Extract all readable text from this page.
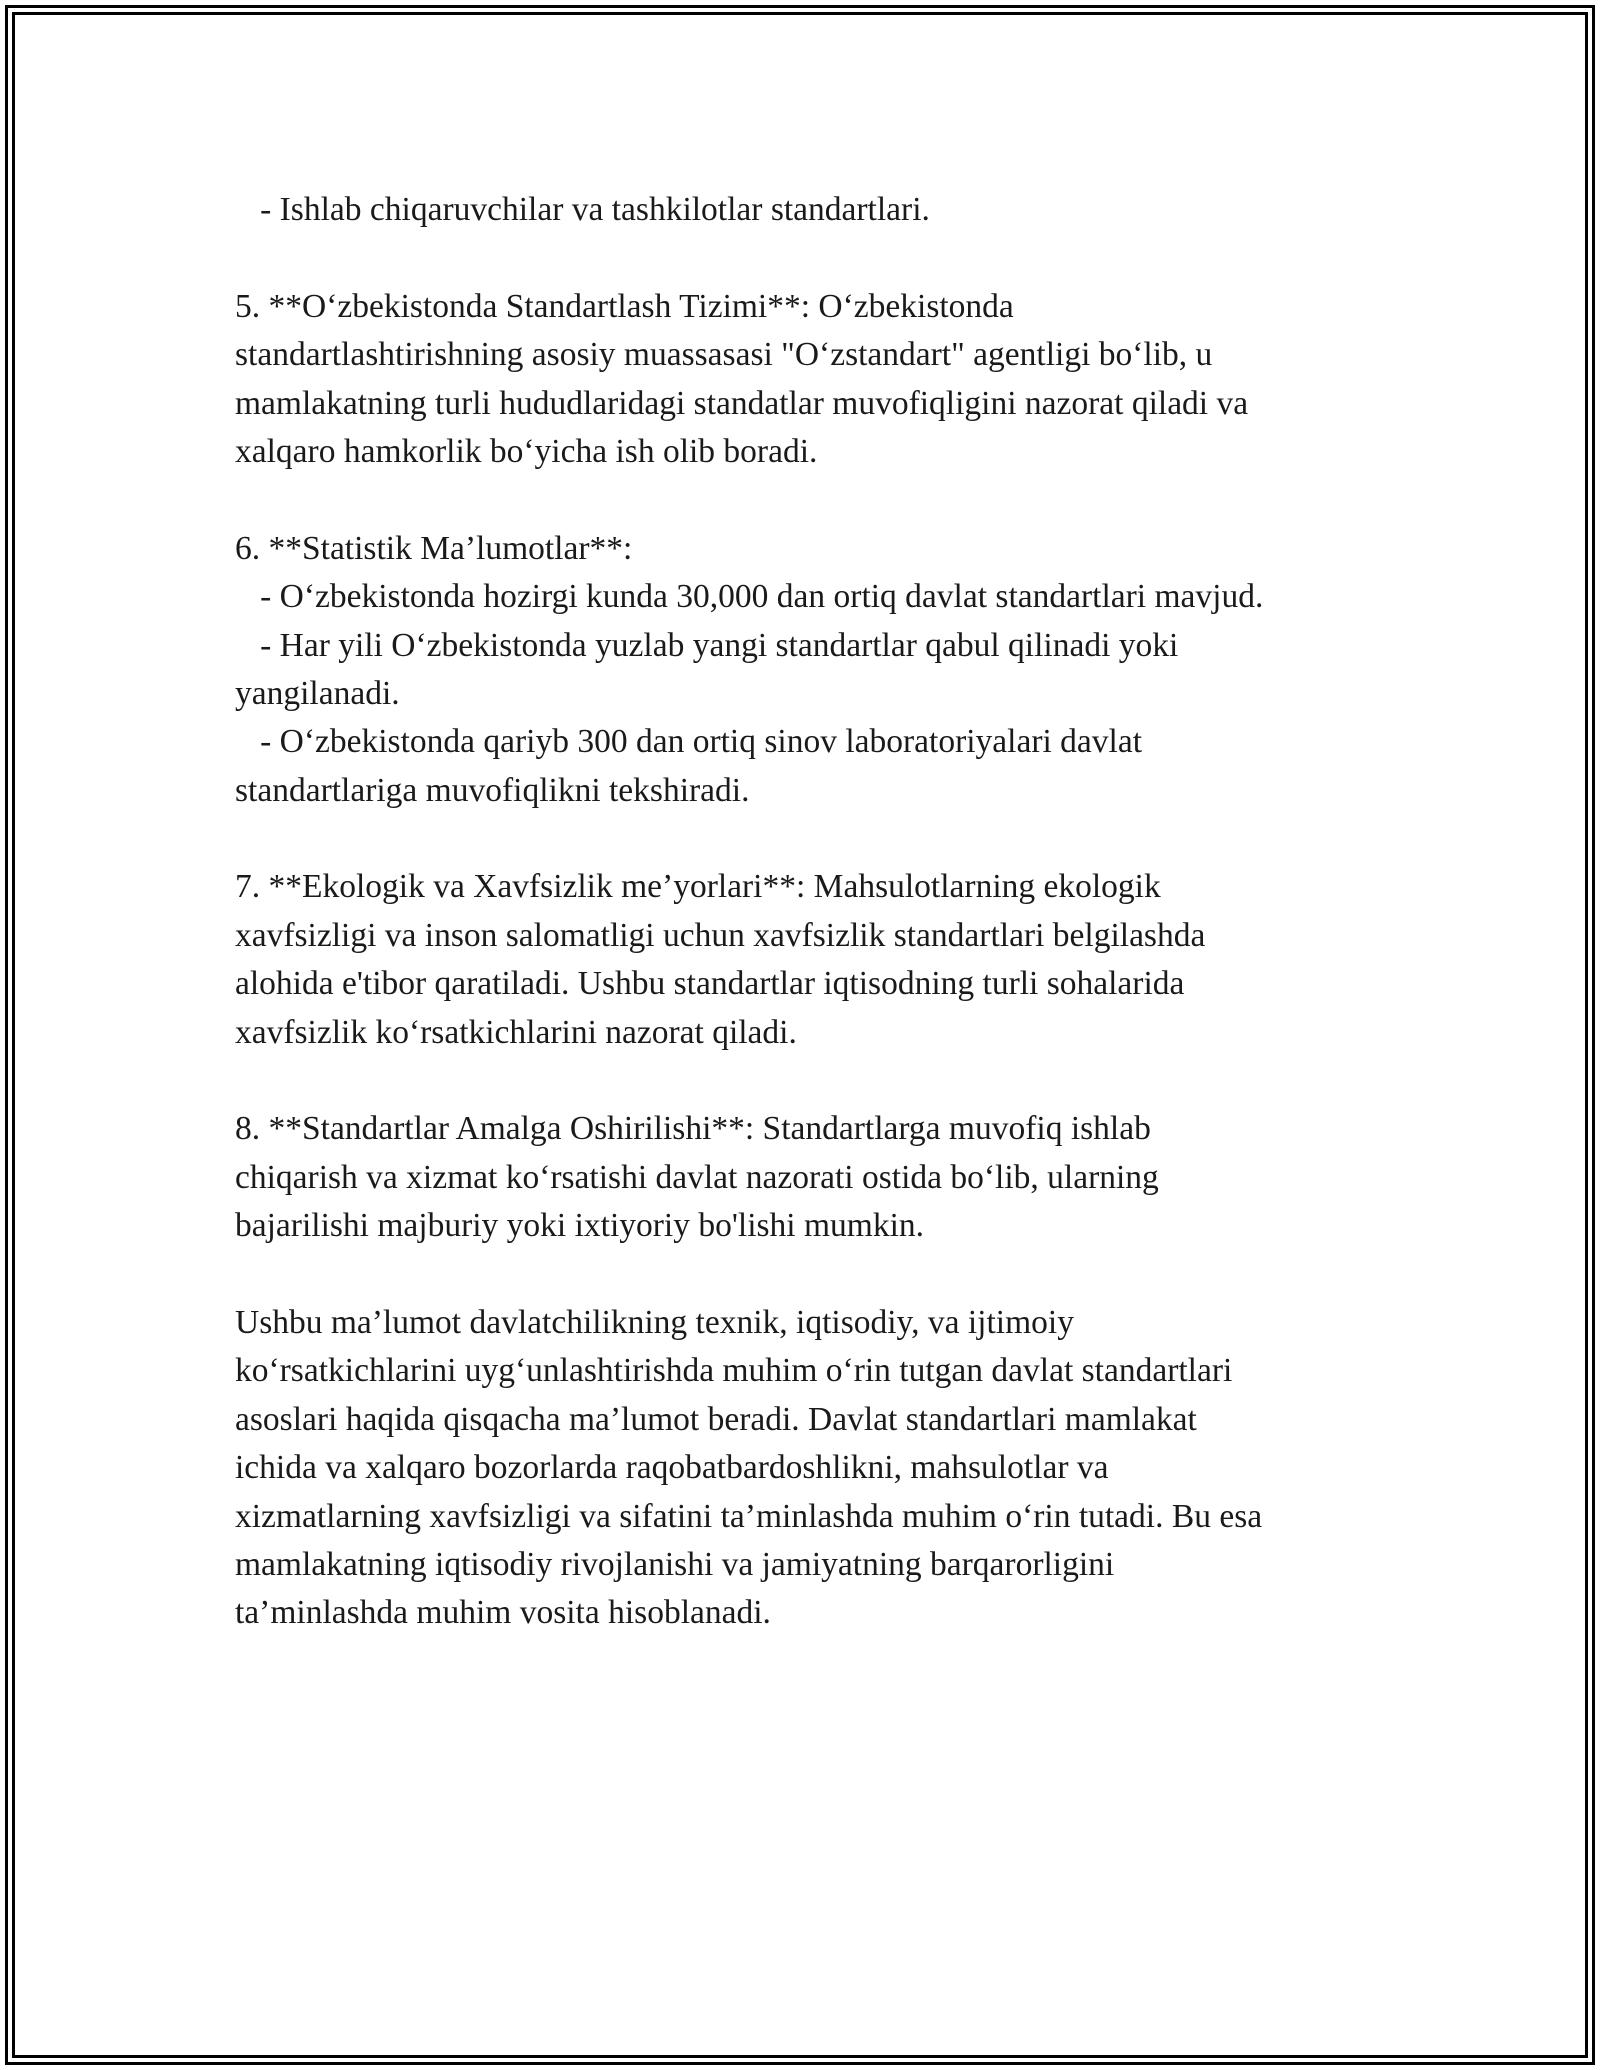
- Ishlab chiqaruvchilar va tashkilotlar standartlari.
5. **Oʻzbekistonda Standartlash Tizimi**: Oʻzbekistonda
standartlashtirishning asosiy muassasasi "Oʻzstandart" agentligi boʻlib, u
mamlakatning turli hududlaridagi standatlar muvofiqligini nazorat qiladi va
xalqaro hamkorlik boʻyicha ish olib boradi.
6. **Statistik Ma’lumotlar**:
- Oʻzbekistonda hozirgi kunda 30,000 dan ortiq davlat standartlari mavjud.
- Har yili Oʻzbekistonda yuzlab yangi standartlar qabul qilinadi yoki
yangilanadi.
- Oʻzbekistonda qariyb 300 dan ortiq sinov laboratoriyalari davlat
standartlariga muvofiqlikni tekshiradi.
7. **Ekologik va Xavfsizlik me’yorlari**: Mahsulotlarning ekologik
xavfsizligi va inson salomatligi uchun xavfsizlik standartlari belgilashda
alohida e'tibor qaratiladi. Ushbu standartlar iqtisodning turli sohalarida
xavfsizlik koʻrsatkichlarini nazorat qiladi.
8. **Standartlar Amalga Oshirilishi**: Standartlarga muvofiq ishlab
chiqarish va xizmat koʻrsatishi davlat nazorati ostida boʻlib, ularning
bajarilishi majburiy yoki ixtiyoriy bo'lishi mumkin.
Ushbu ma’lumot davlatchilikning texnik, iqtisodiy, va ijtimoiy
koʻrsatkichlarini uygʻunlashtirishda muhim oʻrin tutgan davlat standartlari
asoslari haqida qisqacha ma’lumot beradi. Davlat standartlari mamlakat
ichida va xalqaro bozorlarda raqobatbardoshlikni, mahsulotlar va
xizmatlarning xavfsizligi va sifatini ta’minlashda muhim oʻrin tutadi. Bu esa
mamlakatning iqtisodiy rivojlanishi va jamiyatning barqarorligini
ta’minlashda muhim vosita hisoblanadi.
